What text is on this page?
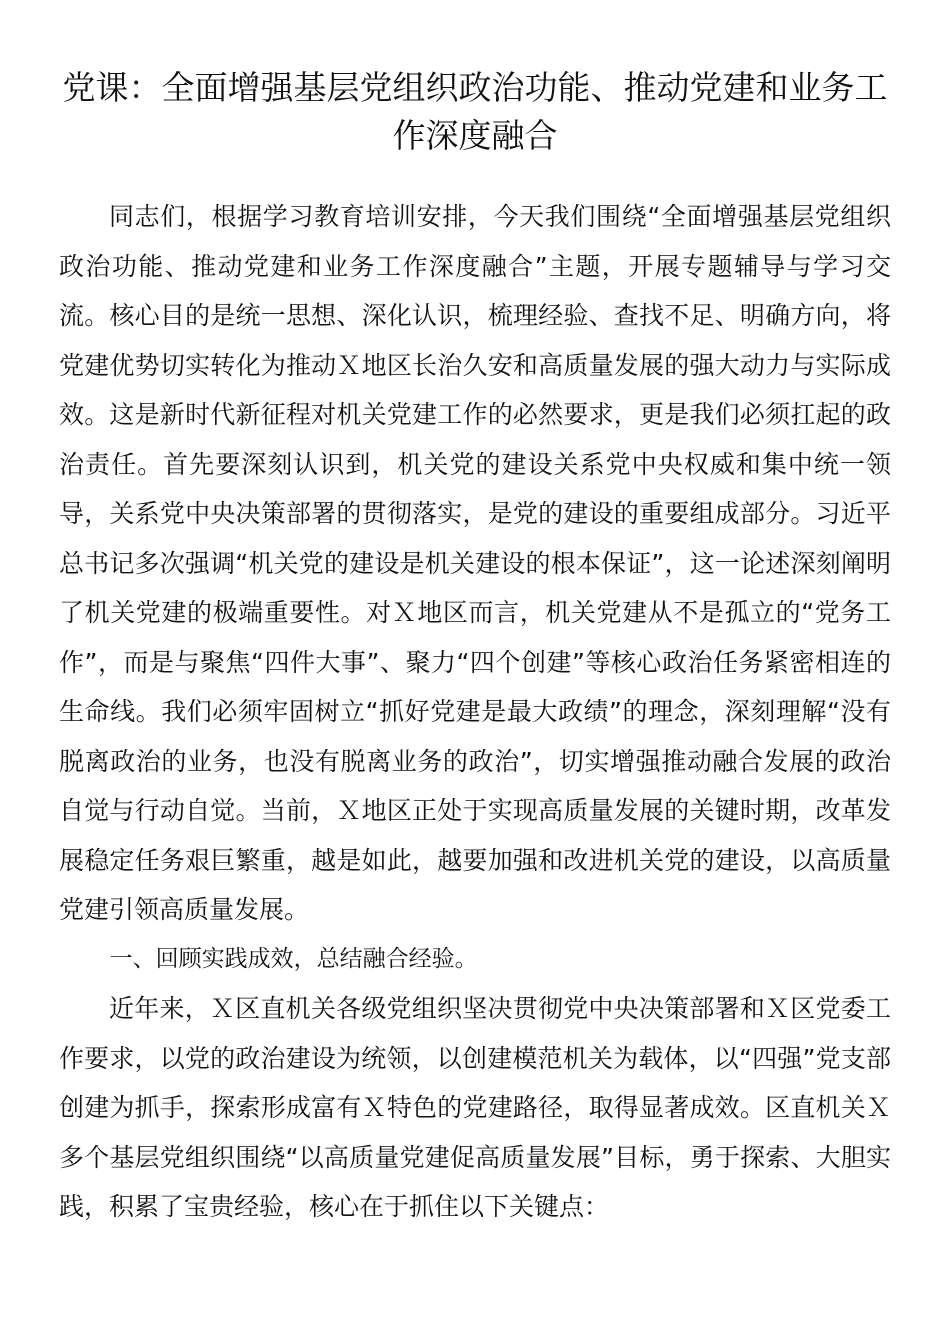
党课：全面增强基层党组织政治功能、推动党建和业务工作深度融合

同志们，根据学习教育培训安排，今天我们围绕“全面增强基层党组织政治功能、推动党建和业务工作深度融合”主题，开展专题辅导与学习交流。核心目的是统一思想、深化认识，梳理经验、查找不足、明确方向，将党建优势切实转化为推动Ｘ地区长治久安和高质量发展的强大动力与实际成效。这是新时代新征程对机关党建工作的必然要求，更是我们必须扛起的政治责任。首先要深刻认识到，机关党的建设关系党中央权威和集中统一领导，关系党中央决策部署的贯彻落实，是党的建设的重要组成部分。习近平总书记多次强调“机关党的建设是机关建设的根本保证”，这一论述深刻阐明了机关党建的极端重要性。对Ｘ地区而言，机关党建从不是孤立的“党务工作”，而是与聚焦“四件大事”、聚力“四个创建”等核心政治任务紧密相连的生命线。我们必须牢固树立“抓好党建是最大政绩”的理念，深刻理解“没有脱离政治的业务，也没有脱离业务的政治”，切实增强推动融合发展的政治自觉与行动自觉。当前，Ｘ地区正处于实现高质量发展的关键时期，改革发展稳定任务艰巨繁重，越是如此，越要加强和改进机关党的建设，以高质量党建引领高质量发展。

一、回顾实践成效，总结融合经验。

近年来，Ｘ区直机关各级党组织坚决贯彻党中央决策部署和Ｘ区党委工作要求，以党的政治建设为统领，以创建模范机关为载体，以“四强”党支部创建为抓手，探索形成富有Ｘ特色的党建路径，取得显著成效。区直机关Ｘ多个基层党组织围绕“以高质量党建促高质量发展”目标，勇于探索、大胆实践，积累了宝贵经验，核心在于抓住以下关键点：
